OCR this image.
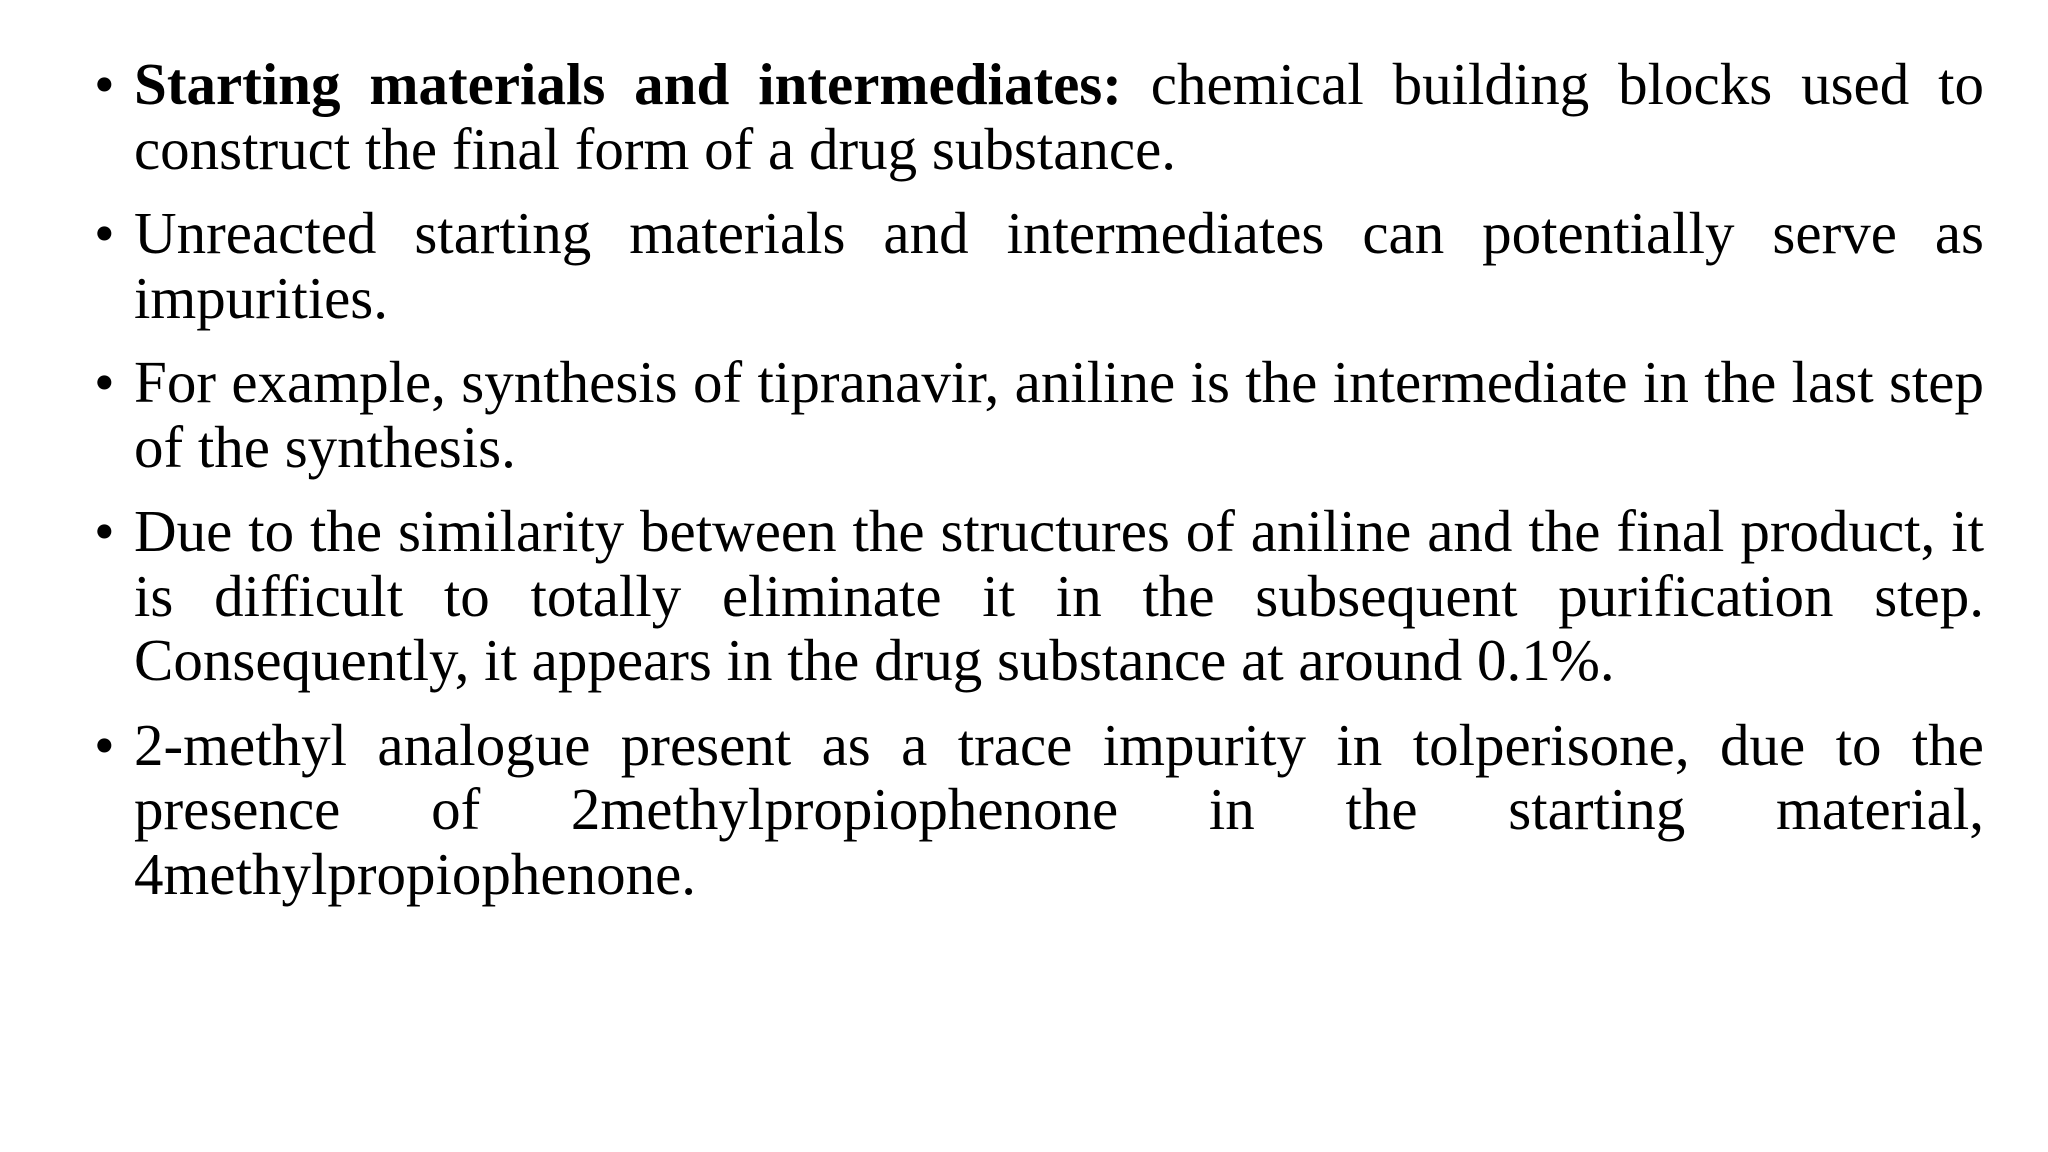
• Starting materials and intermediates: chemical building blocks used to construct the final form of a drug substance.
• Unreacted starting materials and intermediates can potentially serve as impurities.
• For example, synthesis of tipranavir, aniline is the intermediate in the last step of the synthesis.
• Due to the similarity between the structures of aniline and the final product, it is difficult to totally eliminate it in the subsequent purification step. Consequently, it appears in the drug substance at around 0.1%.
• 2-methyl analogue present as a trace impurity in tolperisone, due to the presence of 2methylpropiophenone in the starting material, 4methylpropiophenone.
